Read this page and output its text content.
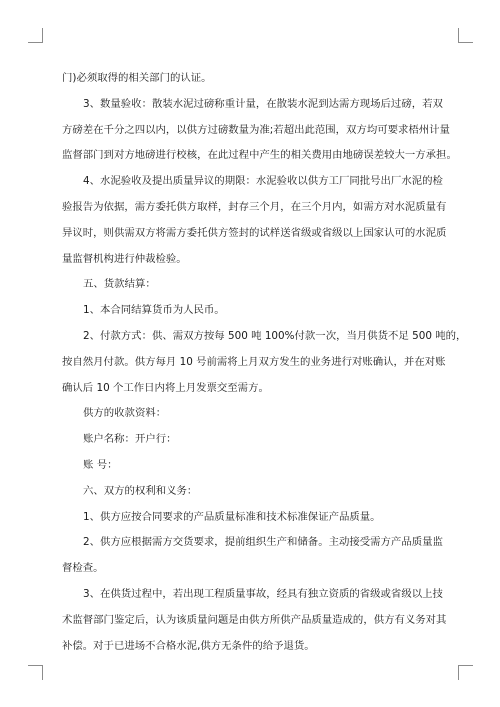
门)必须取得的相关部门的认证。
3、数量验收：散装水泥过磅称重计量，在散装水泥到达需方现场后过磅，若双
方磅差在千分之四以内，以供方过磅数量为准;若超出此范围，双方均可要求梧州计量
监督部门到对方地磅进行校核，在此过程中产生的相关费用由地磅误差较大一方承担。
4、水泥验收及提出质量异议的期限：水泥验收以供方工厂同批号出厂水泥的检
验报告为依据，需方委托供方取样，封存三个月，在三个月内，如需方对水泥质量有
异议时，则供需双方将需方委托供方签封的试样送省级或省级以上国家认可的水泥质
量监督机构进行仲裁检验。
五、货款结算：
1、本合同结算货币为人民币。
2、付款方式：供、需双方按每 500 吨 100%付款一次，当月供货不足 500 吨的，
按自然月付款。供方每月 10 号前需将上月双方发生的业务进行对账确认，并在对账
确认后 10 个工作日内将上月发票交至需方。
供方的收款资料：
账户名称：开户行：
账 号：
六、双方的权利和义务：
1、供方应按合同要求的产品质量标准和技术标准保证产品质量。
2、供方应根据需方交货要求，提前组织生产和储备。主动接受需方产品质量监
督检查。
3、在供货过程中，若出现工程质量事故，经具有独立资质的省级或省级以上技
术监督部门鉴定后，认为该质量问题是由供方所供产品质量造成的，供方有义务对其
补偿。对于已进场不合格水泥,供方无条件的给予退货。
